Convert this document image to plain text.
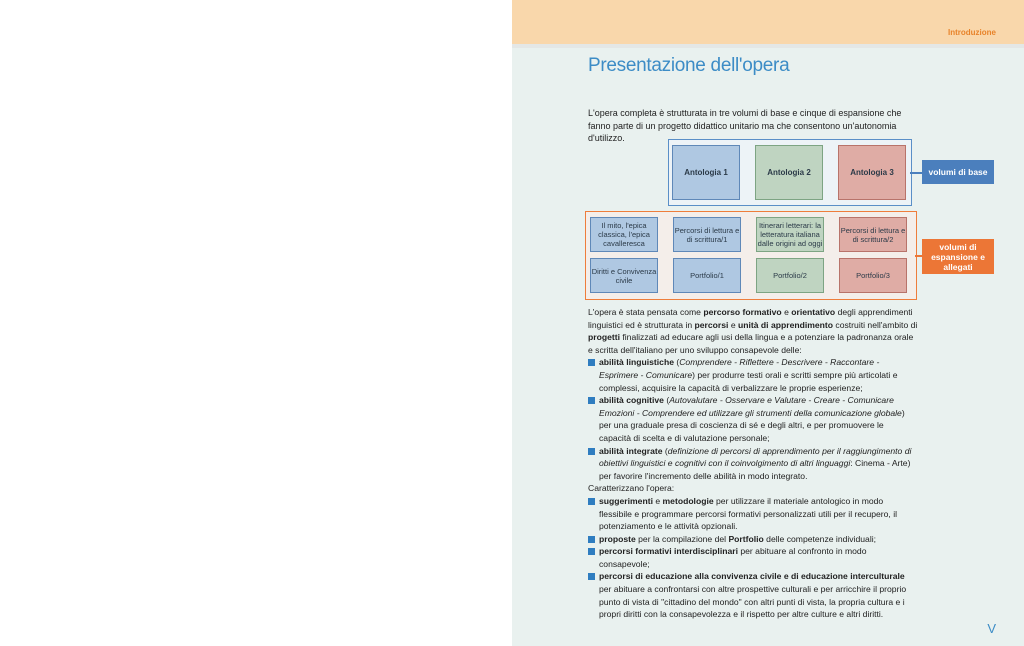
Introduzione
Presentazione dell'opera
L'opera completa è strutturata in tre volumi di base e cinque di espansione che fanno parte di un progetto didattico unitario ma che consentono un'autonomia d'utilizzo.
Antologia 1	Antologia 2	Antologia 3	volumi di base
Il mito, l'epica classica, l'epica cavalleresca
Percorsi di lettura e di scrittura/1
Itinerari letterari: la letteratura italiana dalle origini ad oggi
Percorsi di lettura e di scrittura/2
Diritti e Convivenza civile	Portfolio/1	Portfolio/2	Portfolio/3
volumi di espansione e allegati

L'opera è stata pensata come percorso formativo e orientativo degli apprendimenti linguistici ed è strutturata in percorsi e unità di apprendimento costruiti nell'ambito di progetti finalizzati ad educare agli usi della lingua e a potenziare la padronanza orale e scritta dell'italiano per uno sviluppo consapevole delle:

abilità linguistiche (Comprendere - Riflettere - Descrivere - Raccontare - Esprimere - Comunicare) per produrre testi orali e scritti sempre più articolati e complessi, acquisire la capacità di verbalizzare le proprie esperienze;

abilità cognitive (Autovalutare - Osservare e Valutare - Creare - Comunicare Emozioni - Comprendere ed utilizzare gli strumenti della comunicazione globale) per una graduale presa di coscienza di sé e degli altri, e per promuovere le capacità di scelta e di valutazione personale;

abilità integrate (definizione di percorsi di apprendimento per il raggiungimento di obiettivi linguistici e cognitivi con il coinvolgimento di altri linguaggi: Cinema - Arte) per favorire l'incremento delle abilità in modo integrato.

Caratterizzano l'opera:

suggerimenti e metodologie per utilizzare il materiale antologico in modo flessibile e programmare percorsi formativi personalizzati utili per il recupero, il potenziamento e le attività opzionali.

proposte per la compilazione del Portfolio delle competenze individuali;

percorsi formativi interdisciplinari per abituare al confronto in modo consapevole;

percorsi di educazione alla convivenza civile e di educazione interculturale per abituare a confrontarsi con altre prospettive culturali e per arricchire il proprio punto di vista di "cittadino del mondo" con altri punti di vista, la propria cultura e i propri diritti con la consapevolezza e il rispetto per altre culture e altri diritti.

V
